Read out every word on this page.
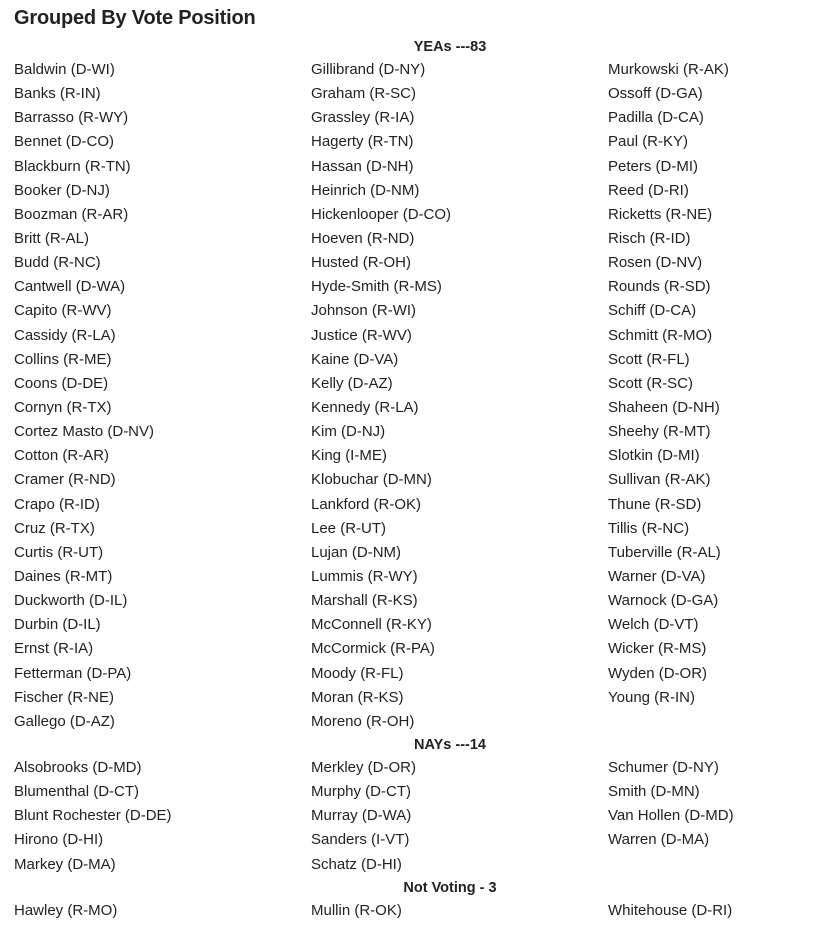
Grouped By Vote Position
YEAs ---83
Baldwin (D-WI)
Banks (R-IN)
Barrasso (R-WY)
Bennet (D-CO)
Blackburn (R-TN)
Booker (D-NJ)
Boozman (R-AR)
Britt (R-AL)
Budd (R-NC)
Cantwell (D-WA)
Capito (R-WV)
Cassidy (R-LA)
Collins (R-ME)
Coons (D-DE)
Cornyn (R-TX)
Cortez Masto (D-NV)
Cotton (R-AR)
Cramer (R-ND)
Crapo (R-ID)
Cruz (R-TX)
Curtis (R-UT)
Daines (R-MT)
Duckworth (D-IL)
Durbin (D-IL)
Ernst (R-IA)
Fetterman (D-PA)
Fischer (R-NE)
Gallego (D-AZ)
Gillibrand (D-NY)
Graham (R-SC)
Grassley (R-IA)
Hagerty (R-TN)
Hassan (D-NH)
Heinrich (D-NM)
Hickenlooper (D-CO)
Hoeven (R-ND)
Husted (R-OH)
Hyde-Smith (R-MS)
Johnson (R-WI)
Justice (R-WV)
Kaine (D-VA)
Kelly (D-AZ)
Kennedy (R-LA)
Kim (D-NJ)
King (I-ME)
Klobuchar (D-MN)
Lankford (R-OK)
Lee (R-UT)
Lujan (D-NM)
Lummis (R-WY)
Marshall (R-KS)
McConnell (R-KY)
McCormick (R-PA)
Moody (R-FL)
Moran (R-KS)
Moreno (R-OH)
Murkowski (R-AK)
Ossoff (D-GA)
Padilla (D-CA)
Paul (R-KY)
Peters (D-MI)
Reed (D-RI)
Ricketts (R-NE)
Risch (R-ID)
Rosen (D-NV)
Rounds (R-SD)
Schiff (D-CA)
Schmitt (R-MO)
Scott (R-FL)
Scott (R-SC)
Shaheen (D-NH)
Sheehy (R-MT)
Slotkin (D-MI)
Sullivan (R-AK)
Thune (R-SD)
Tillis (R-NC)
Tuberville (R-AL)
Warner (D-VA)
Warnock (D-GA)
Welch (D-VT)
Wicker (R-MS)
Wyden (D-OR)
Young (R-IN)
NAYs ---14
Alsobrooks (D-MD)
Blumenthal (D-CT)
Blunt Rochester (D-DE)
Hirono (D-HI)
Markey (D-MA)
Merkley (D-OR)
Murphy (D-CT)
Murray (D-WA)
Sanders (I-VT)
Schatz (D-HI)
Schumer (D-NY)
Smith (D-MN)
Van Hollen (D-MD)
Warren (D-MA)
Not Voting - 3
Hawley (R-MO)	Mullin (R-OK)	Whitehouse (D-RI)
